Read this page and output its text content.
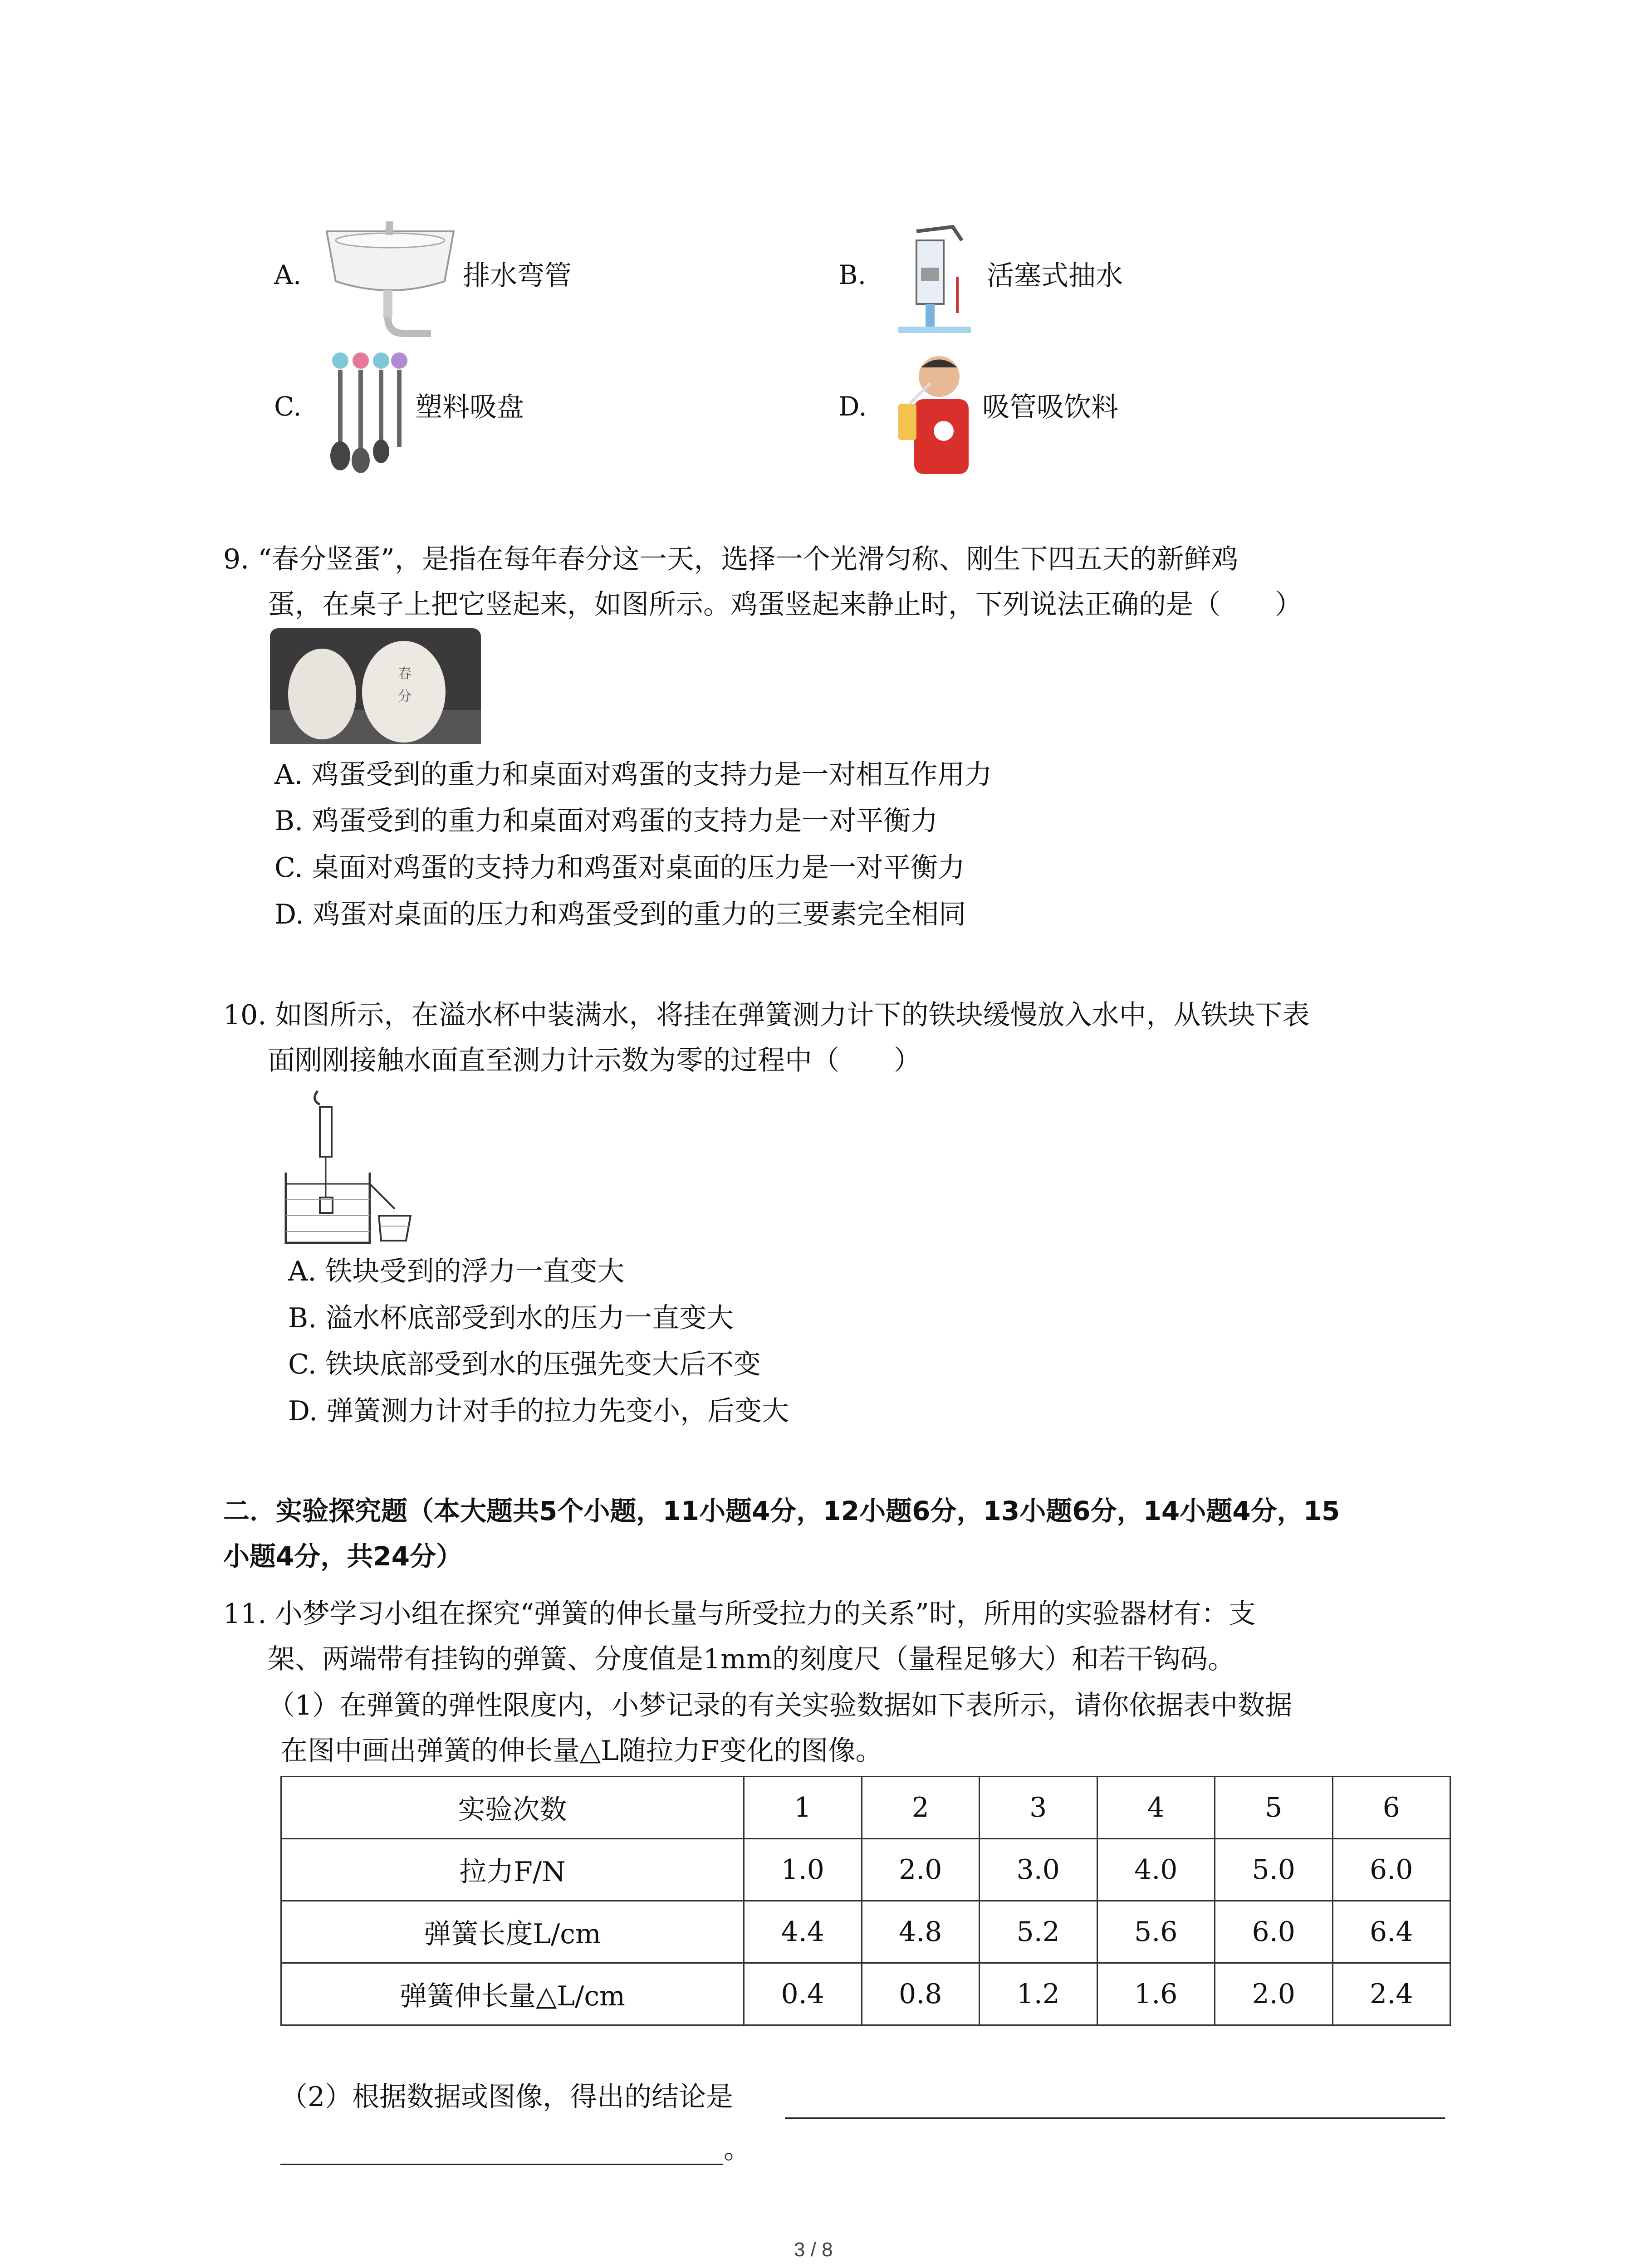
A.	排水弯管	B.	活塞式抽水
C.	塑料吸盘	D.	吸管吸饮料
9. “春分竖蛋”，是指在每年春分这一天，选择一个光滑匀称、刚生下四五天的新鲜鸡
蛋，在桌子上把它竖起来，如图所示。鸡蛋竖起来静止时，下列说法正确的是（　　）
春
分
A. 鸡蛋受到的重力和桌面对鸡蛋的支持力是一对相互作用力
B. 鸡蛋受到的重力和桌面对鸡蛋的支持力是一对平衡力
C. 桌面对鸡蛋的支持力和鸡蛋对桌面的压力是一对平衡力
D. 鸡蛋对桌面的压力和鸡蛋受到的重力的三要素完全相同
10. 如图所示，在溢水杯中装满水，将挂在弹簧测力计下的铁块缓慢放入水中，从铁块下表
面刚刚接触水面直至测力计示数为零的过程中（　　）
A. 铁块受到的浮力一直变大
B. 溢水杯底部受到水的压力一直变大
C. 铁块底部受到水的压强先变大后不变
D. 弹簧测力计对手的拉力先变小，后变大
二．实验探究题（本大题共5个小题，11小题4分，12小题6分，13小题6分，14小题4分，15
小题4分，共24分）
11. 小梦学习小组在探究“弹簧的伸长量与所受拉力的关系”时，所用的实验器材有：支
架、两端带有挂钩的弹簧、分度值是1mm的刻度尺（量程足够大）和若干钩码。
（1）在弹簧的弹性限度内，小梦记录的有关实验数据如下表所示，请你依据表中数据
在图中画出弹簧的伸长量△L随拉力F变化的图像。
实验次数	1	2	3	4	5	6
拉力F/N	1.0	2.0	3.0	4.0	5.0	6.0
弹簧长度L/cm	4.4	4.8	5.2	5.6	6.0	6.4
弹簧伸长量△L/cm	0.4	0.8	1.2	1.6	2.0	2.4
（2）根据数据或图像，得出的结论是
。
3 / 8
